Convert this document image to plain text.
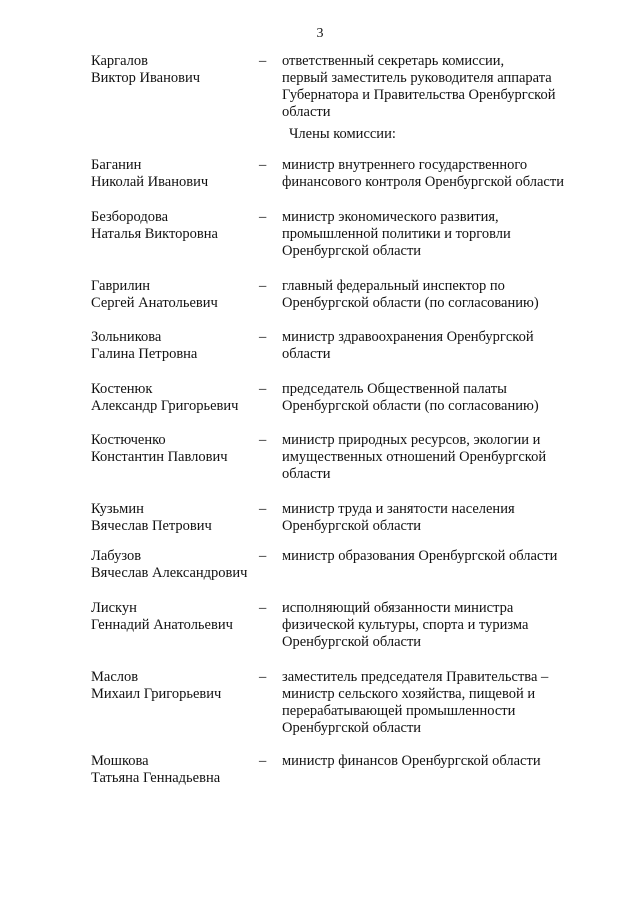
3
Члены комиссии:
Каргалов
Виктор Иванович
– ответственный секретарь комиссии,
первый заместитель руководителя аппарата
Губернатора и Правительства Оренбургской
области
Баганин
Николай Иванович
– министр внутреннего государственного
финансового контроля Оренбургской области
Безбородова
Наталья Викторовна
– министр экономического развития,
промышленной политики и торговли
Оренбургской области
Гаврилин
Сергей Анатольевич
– главный федеральный инспектор по
Оренбургской области (по согласованию)
Зольникова
Галина Петровна
– министр здравоохранения Оренбургской
области
Костенюк
Александр Григорьевич
– председатель Общественной палаты
Оренбургской области (по согласованию)
Костюченко
Константин Павлович
– министр природных ресурсов, экологии и
имущественных отношений Оренбургской
области
Кузьмин
Вячеслав Петрович
– министр труда и занятости населения
Оренбургской области
Лабузов
Вячеслав Александрович
– министр образования Оренбургской области
Лискун
Геннадий Анатольевич
– исполняющий обязанности министра
физической культуры, спорта и туризма
Оренбургской области
Маслов
Михаил Григорьевич
– заместитель председателя Правительства –
министр сельского хозяйства, пищевой и
перерабатывающей промышленности
Оренбургской области
Мошкова
Татьяна Геннадьевна
– министр финансов Оренбургской области
